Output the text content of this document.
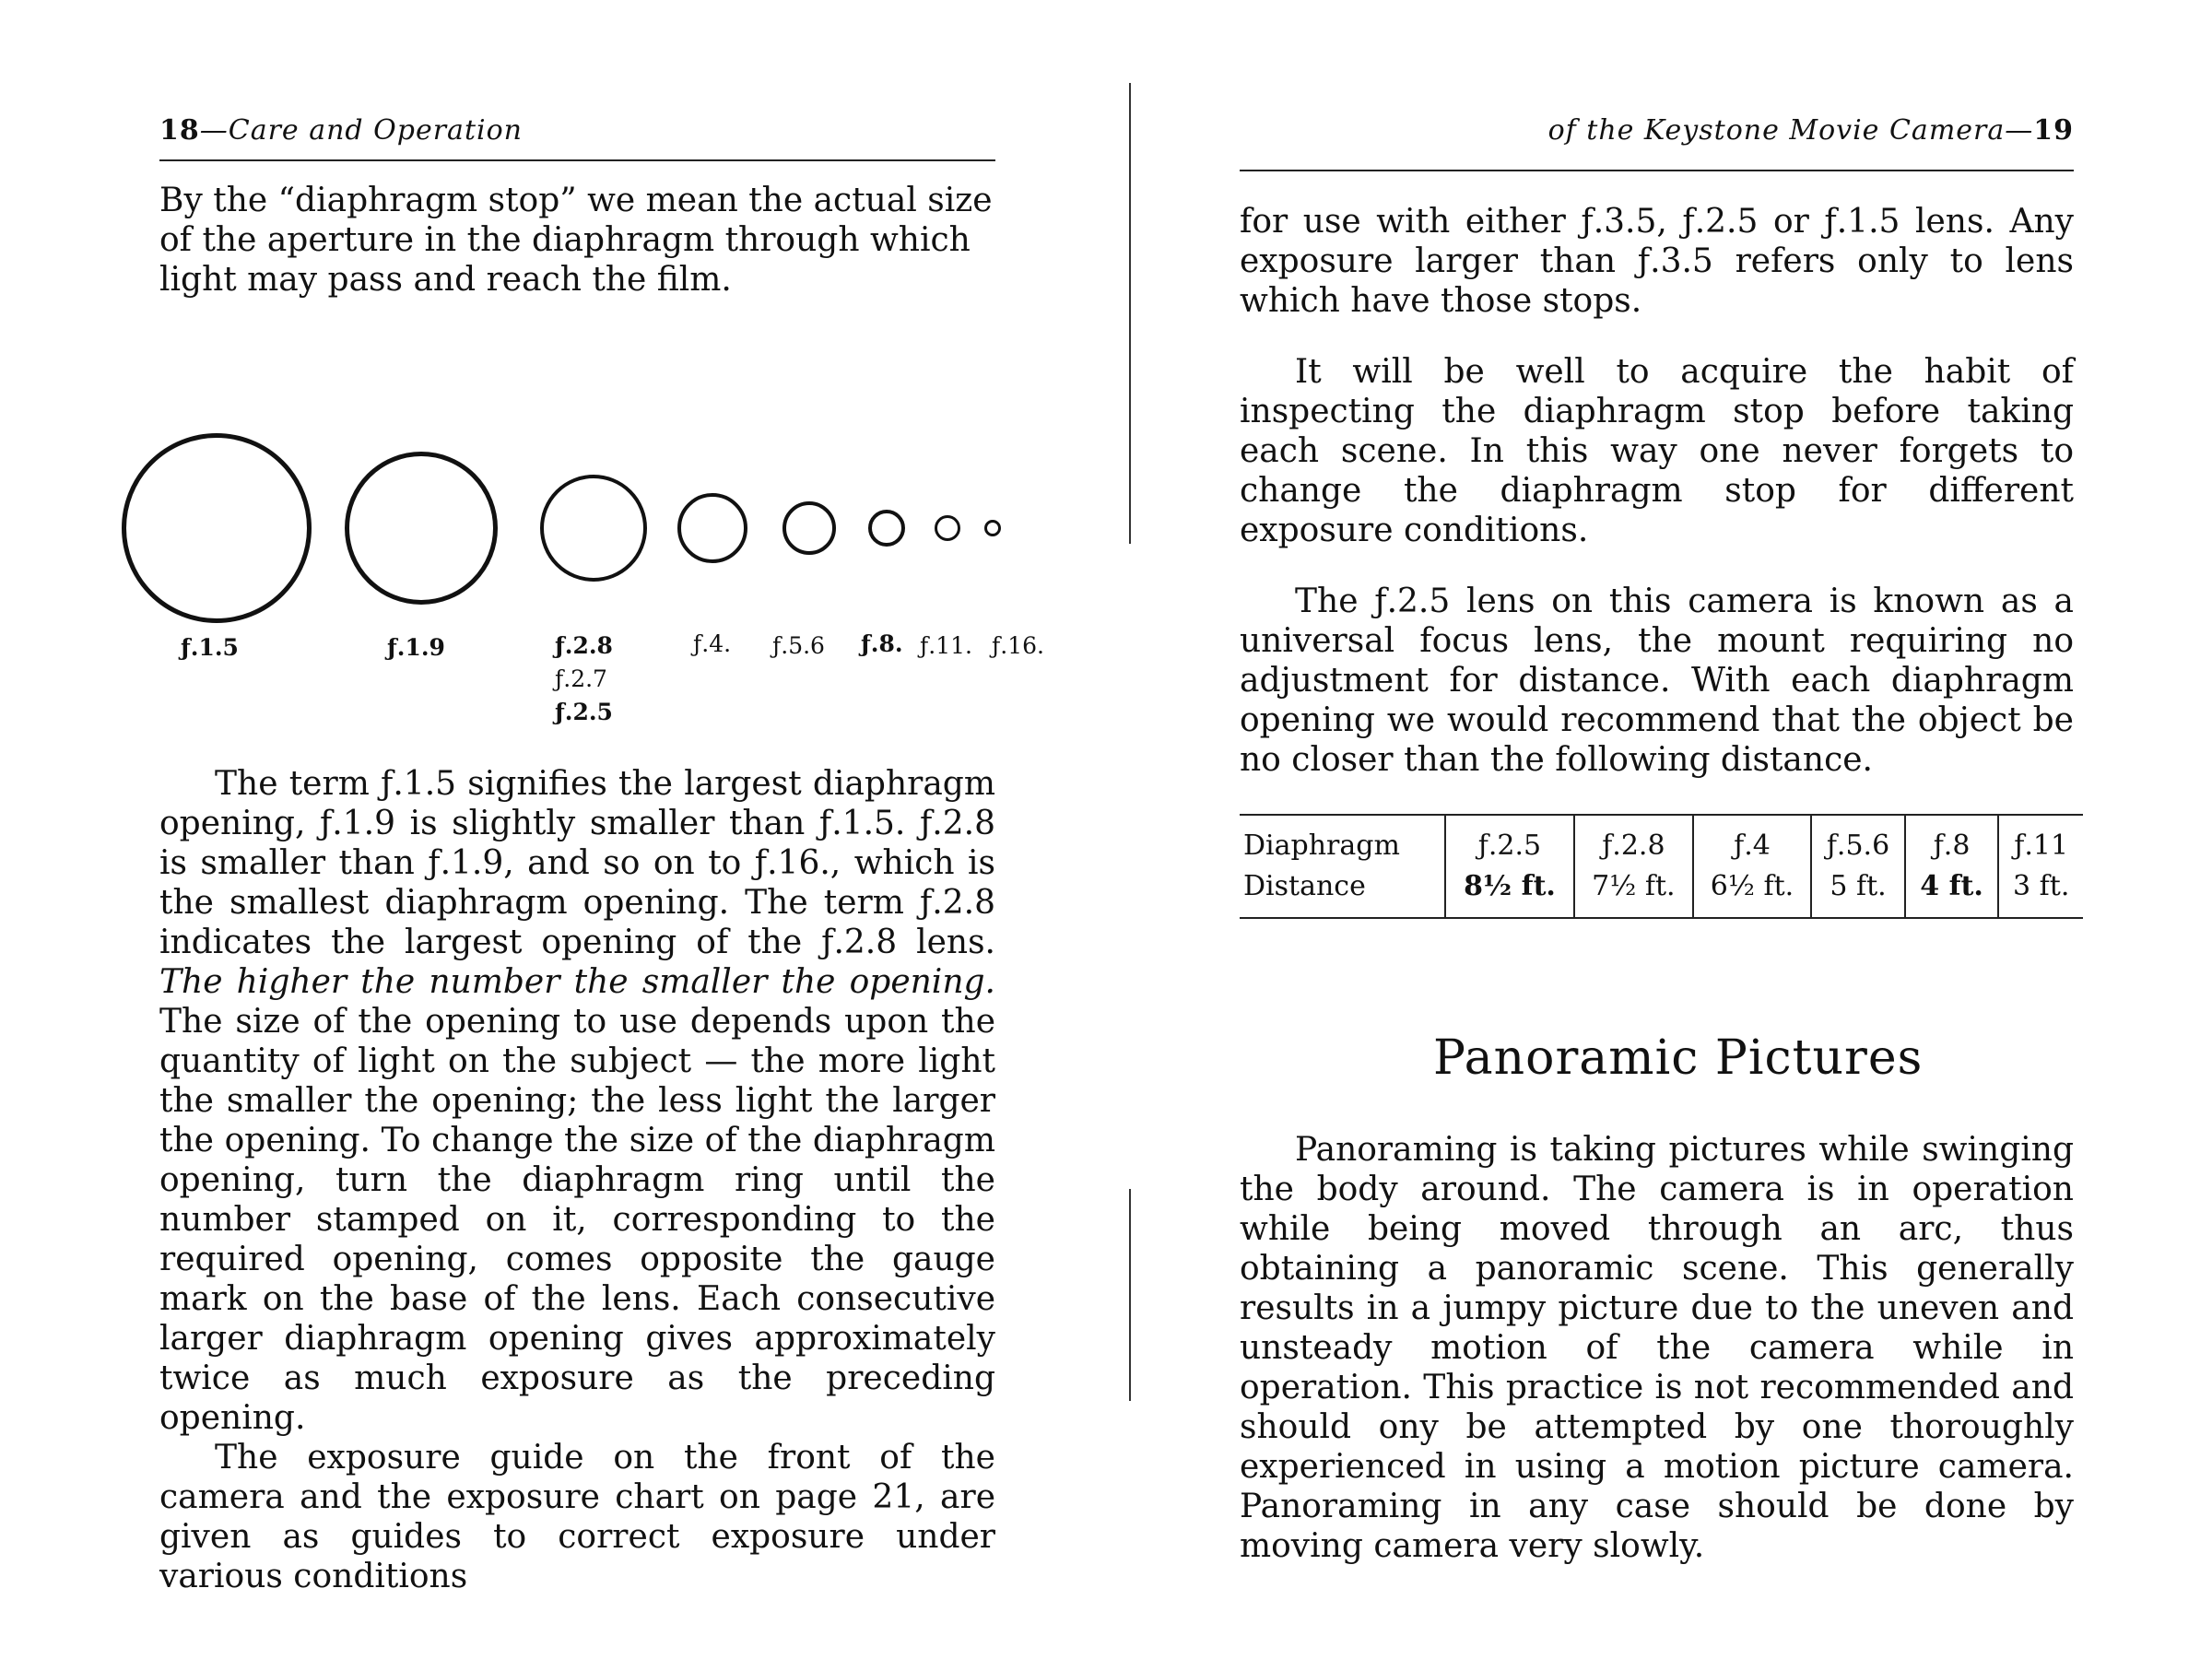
18—Care and Operation

By the “diaphragm stop” we mean the actual size

of the aperture in the diaphragm through which

light may pass and reach the film.

ƒ.1.5	ƒ.1.9	ƒ.2.8
ƒ.2.7
ƒ.2.5
ƒ.4. ƒ.5.6 ƒ.8. ƒ.11. ƒ.16.

The term ƒ.1.5 signifies the largest diaphragm opening, ƒ.1.9 is slightly smaller than ƒ.1.5. ƒ.2.8 is smaller than ƒ.1.9, and so on to ƒ.16., which is the smallest diaphragm opening. The term ƒ.2.8 indicates the largest opening of the ƒ.2.8 lens. The higher the number the smaller the opening. The size of the opening to use depends upon the quantity of light on the subject — the more light the smaller the opening; the less light the larger the opening. To change the size of the diaphragm opening, turn the diaphragm ring until the number stamped on it, corresponding to the required opening, comes opposite the gauge mark on the base of the lens. Each consecutive larger diaphragm opening gives approximately twice as much exposure as the preceding opening.

The exposure guide on the front of the camera and the exposure chart on page 21, are given as guides to correct exposure under various conditions

of the Keystone Movie Camera—19

for use with either ƒ.3.5, ƒ.2.5 or ƒ.1.5 lens. Any exposure larger than ƒ.3.5 refers only to lens which have those stops.

It will be well to acquire the habit of inspecting the diaphragm stop before taking each scene. In this way one never forgets to change the diaphragm stop for different exposure conditions.

The ƒ.2.5 lens on this camera is known as a universal focus lens, the mount requiring no adjustment for distance. With each diaphragm opening we would recommend that the object be no closer than the following distance.

Diaphragm	ƒ.2.5	ƒ.2.8	ƒ.4	ƒ.5.6	ƒ.8	ƒ.11
Distance	8½ ft.	7½ ft.	6½ ft.	5 ft.	4 ft.	3 ft.
Panoramic Pictures

Panoraming is taking pictures while swinging the body around. The camera is in operation while being moved through an arc, thus obtaining a panoramic scene. This generally results in a jumpy picture due to the uneven and unsteady motion of the camera while in operation. This practice is not recommended and should ony be attempted by one thoroughly experienced in using a motion picture camera. Panoraming in any case should be done by moving camera very slowly.
